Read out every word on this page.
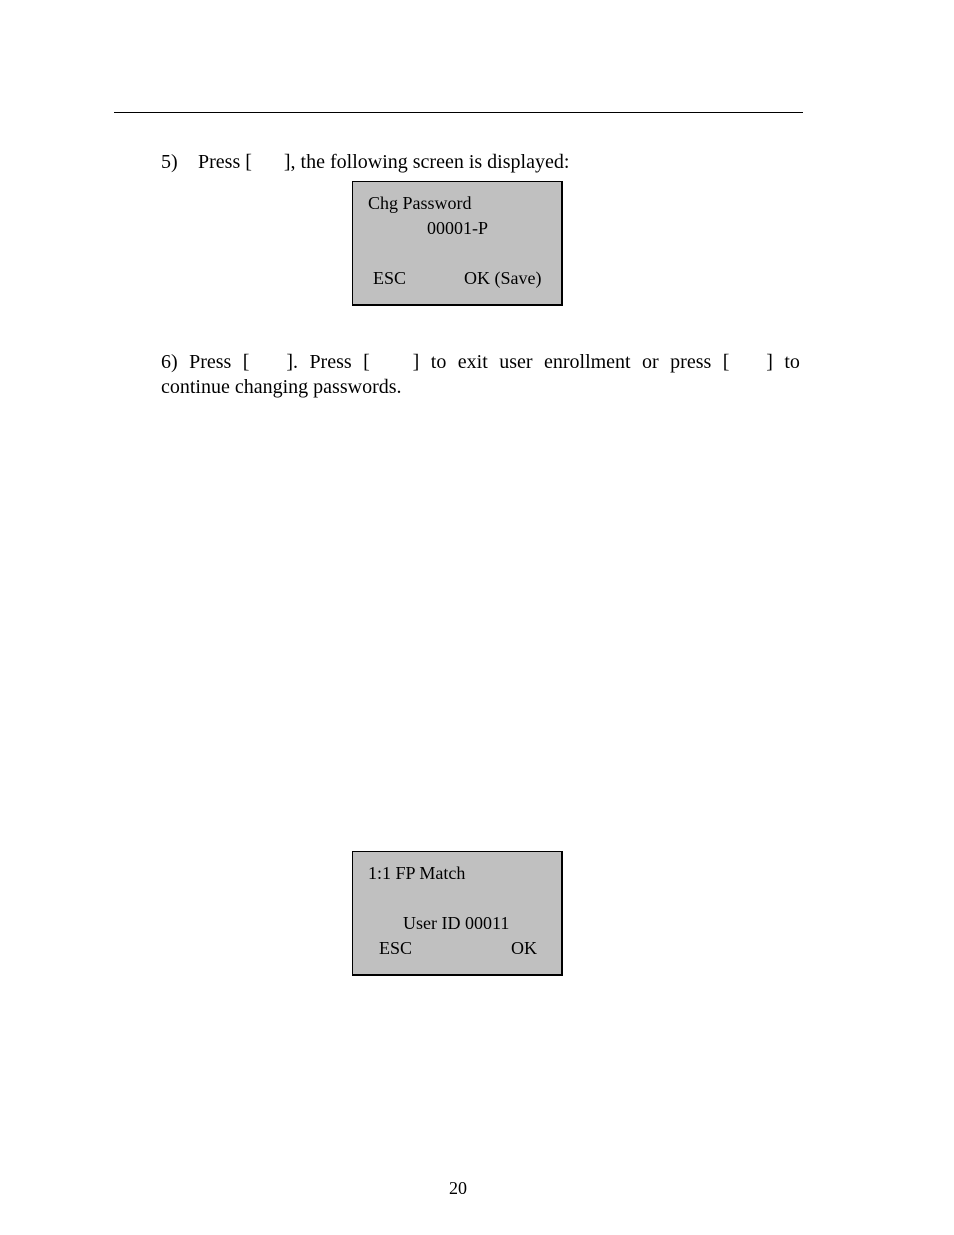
5)	Press [ ], the following screen is displayed:
Chg Password
00001-P
ESC	OK (Save)
6) Press [ ]. Press [ ] to exit user enrollment or press [ ] to
continue changing passwords.
1:1 FP Match
User ID 00011
ESC	OK
20
